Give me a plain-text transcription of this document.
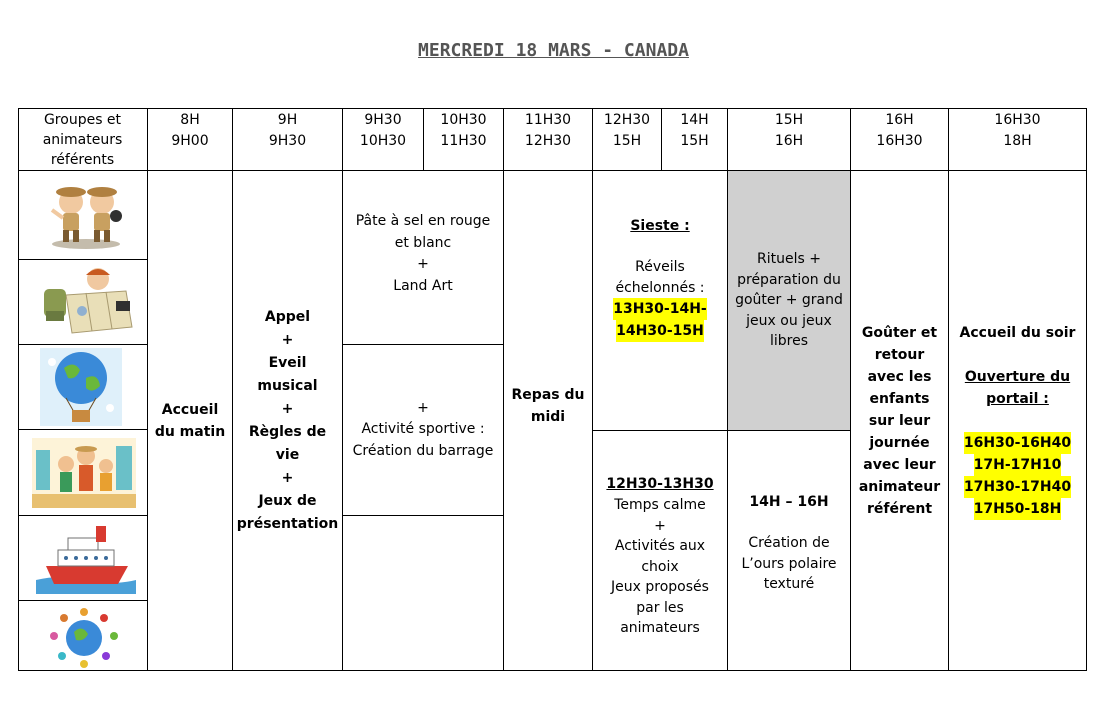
MERCREDI 18 MARS - CANADA
Groupes et animateurs référents
8H
9H00
9H
9H30
9H30
10H30
10H30
11H30
11H30
12H30
12H30
15H
14H
15H
15H
16H
16H
16H30
16H30
18H
Accueil
du matin
Appel
+
Eveil
musical
+
Règles de
vie
+
Jeux de
présentation
Pâte à sel en rouge
et blanc
+
Land Art
+
Activité sportive :
Création du barrage
Repas du
midi
Sieste :
Réveils
échelonnés :
13H30-14H-
14H30-15H
12H30-13H30
Temps calme
+
Activités aux
choix
Jeux proposés
par les
animateurs
Rituels +
préparation du
goûter + grand
jeux ou jeux
libres
14H – 16H
Création de
L’ours polaire
texturé
Goûter et
retour
avec les
enfants
sur leur
journée
avec leur
animateur
référent
Accueil du soir
Ouverture du
portail :
16H30-16H40
17H-17H10
17H30-17H40
17H50-18H
